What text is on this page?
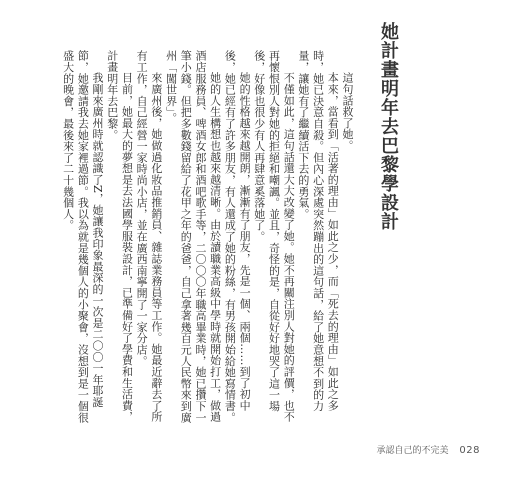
她計畫明年去巴黎學設計

這句話救了她。

本來，當看到「活著的理由」如此之少，而「死去的理由」如此之多時，她已決意自殺。但內心深處突然蹦出的這句話，給了她意想不到的力量，讓她有了繼續活下去的勇氣。

不僅如此，這句話還大大改變了她。她不再關注別人對她的評價，也不再懷恨別人對她的拒絕和嘲諷。並且，奇怪的是，自從好好地哭了這一場後，好像也很少有人再肆意奚落她了。

她的性格越來越開朗，漸漸有了朋友，先是一個、兩個……到了初中後，她已經有了許多朋友，有人還成了她的粉絲，有男孩開始給她寫情書。

她的人生構想也越來越清晰。由於讀職業高級中學時就開始打工，做過酒店服務員、啤酒女郎和酒吧歌手等，二〇〇〇年職高畢業時，她已攢下一筆小錢。但把多數錢留給了花甲之年的爸爸，自己拿著幾百元人民幣來到廣州「闖世界」。

來廣州後，她做過化妝品推銷員、雜誌業務員等工作。她最近辭去了所有工作，自己經營一家時尚小店，並在廣西南寧開了一家分店。

目前，她最大的夢想是去法國學服裝設計，已準備好了學費和生活費，計畫明年去巴黎。

我剛來廣州時就認識了Z，她讓我印象最深的一次是二〇〇一年耶誕節，她邀請我去她家裡過節。我以為就是幾個人的小聚會，沒想到是一個很盛大的晚會，最後來了二十幾個人。

承認自己的不完美 028
